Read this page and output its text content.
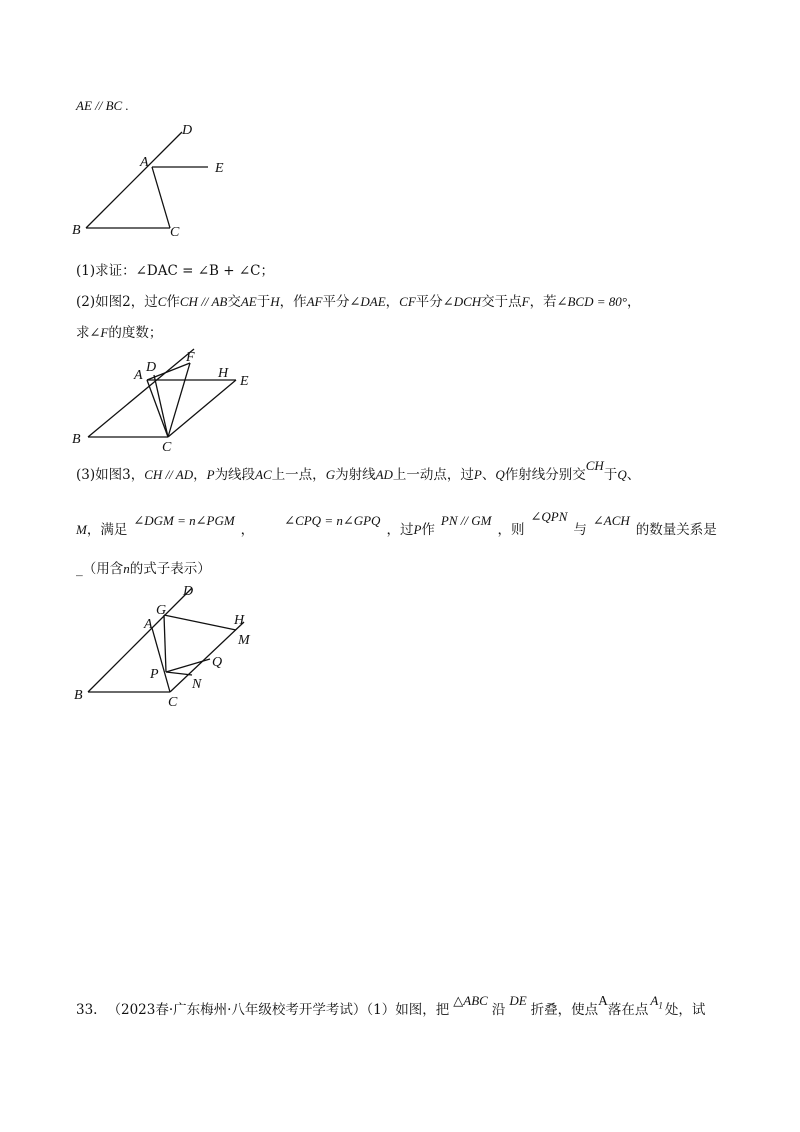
AE // BC .
D
A	E
B	C
(1)求证：∠DAC = ∠B + ∠C；
(2)如图2，过C作CH // AB交AE于H，作AF平分∠DAE，CF平分∠DCH交于点F，若∠BCD = 80°，
求∠F的度数；
D
F
A	H
E
B
C
(3)如图3，CH // AD，P为线段AC上一点，G为射线AD上一动点，过P、Q作射线分别交CH于Q、
M，满足∠DGM = n∠PGM，∠CPQ = n∠GPQ，过P作PN // GM，则∠QPN与∠ACH的数量关系是
_（用含n的式子表示）
G
D
A	H
M
Q
P
N
B	C
33. （2023春·广东梅州·八年级校考开学考试）（1）如图，把△ABC沿DE折叠，使点A落在点$A_1$ 处，试
